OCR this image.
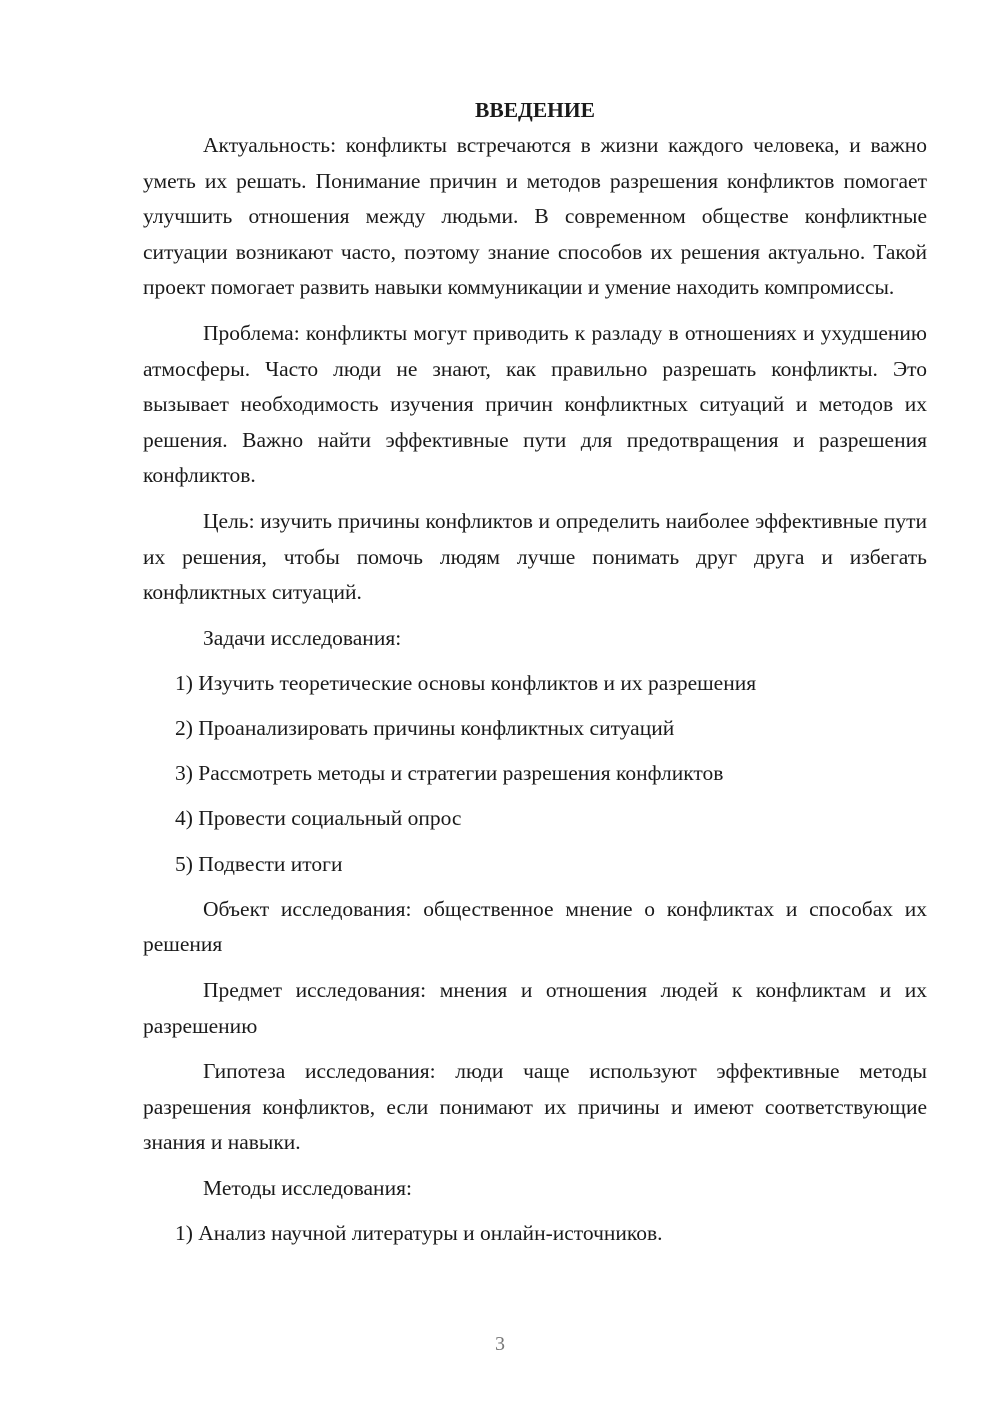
ВВЕДЕНИЕ

Актуальность: конфликты встречаются в жизни каждого человека, и важно уметь их решать. Понимание причин и методов разрешения конфликтов помогает улучшить отношения между людьми. В современном обществе конфликтные ситуации возникают часто, поэтому знание способов их решения актуально. Такой проект помогает развить навыки коммуникации и умение находить компромиссы.

Проблема: конфликты могут приводить к разладу в отношениях и ухудшению атмосферы. Часто люди не знают, как правильно разрешать конфликты. Это вызывает необходимость изучения причин конфликтных ситуаций и методов их решения. Важно найти эффективные пути для предотвращения и разрешения конфликтов.

Цель: изучить причины конфликтов и определить наиболее эффективные пути их решения, чтобы помочь людям лучше понимать друг друга и избегать конфликтных ситуаций.

Задачи исследования:

1) Изучить теоретические основы конфликтов и их разрешения

2) Проанализировать причины конфликтных ситуаций

3) Рассмотреть методы и стратегии разрешения конфликтов

4) Провести социальный опрос

5) Подвести итоги

Объект исследования: общественное мнение о конфликтах и способах их решения

Предмет исследования: мнения и отношения людей к конфликтам и их разрешению

Гипотеза исследования: люди чаще используют эффективные методы разрешения конфликтов, если понимают их причины и имеют соответствующие знания и навыки.

Методы исследования:

1) Анализ научной литературы и онлайн-источников.

3
